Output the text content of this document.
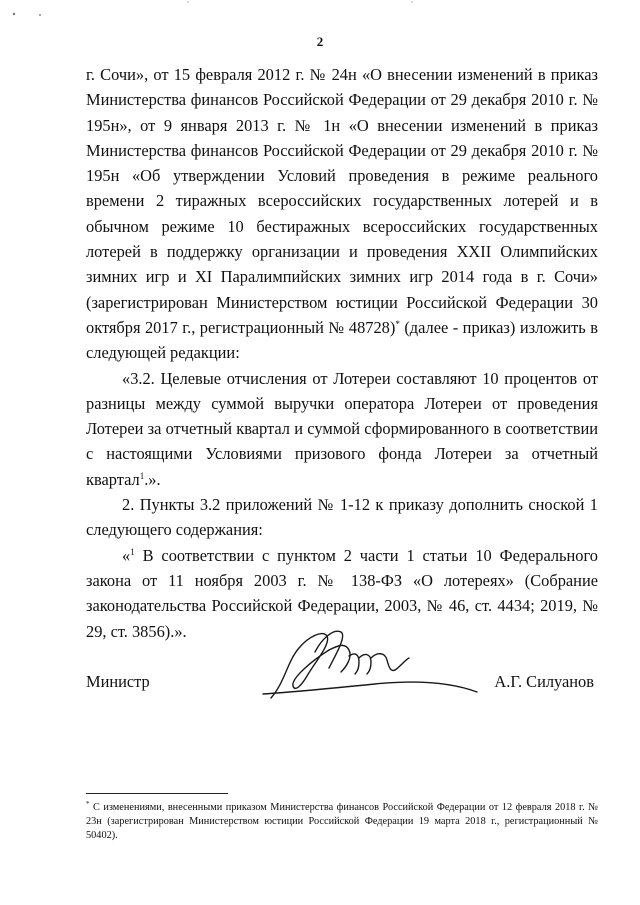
2

г. Сочи», от 15 февраля 2012 г. № 24н «О внесении изменений в приказ Министерства финансов Российской Федерации от 29 декабря 2010 г. № 195н», от 9 января 2013 г. № 1н «О внесении изменений в приказ Министерства финансов Российской Федерации от 29 декабря 2010 г. № 195н «Об утверждении Условий проведения в режиме реального времени 2 тиражных всероссийских государственных лотерей и в обычном режиме 10 бестиражных всероссийских государственных лотерей в поддержку организации и проведения XXII Олимпийских зимних игр и XI Паралимпийских зимних игр 2014 года в г. Сочи» (зарегистрирован Министерством юстиции Российской Федерации 30 октября 2017 г., регистрационный № 48728)* (далее - приказ) изложить в следующей редакции:

«3.2. Целевые отчисления от Лотереи составляют 10 процентов от разницы между суммой выручки оператора Лотереи от проведения Лотереи за отчетный квартал и суммой сформированного в соответствии с настоящими Условиями призового фонда Лотереи за отчетный квартал$^1$.».

2. Пункты 3.2 приложений № 1-12 к приказу дополнить сноской 1 следующего содержания:

«$^1$ В соответствии с пунктом 2 части 1 статьи 10 Федерального закона от 11 ноября 2003 г. № 138-ФЗ «О лотереях» (Собрание законодательства Российской Федерации, 2003, № 46, ст. 4434; 2019, № 29, ст. 3856).».

Министр	А.Г. Силуанов
* С изменениями, внесенными приказом Министерства финансов Российской Федерации от 12 февраля 2018 г. № 23н (зарегистрирован Министерством юстиции Российской Федерации 19 марта 2018 г., регистрационный № 50402).
